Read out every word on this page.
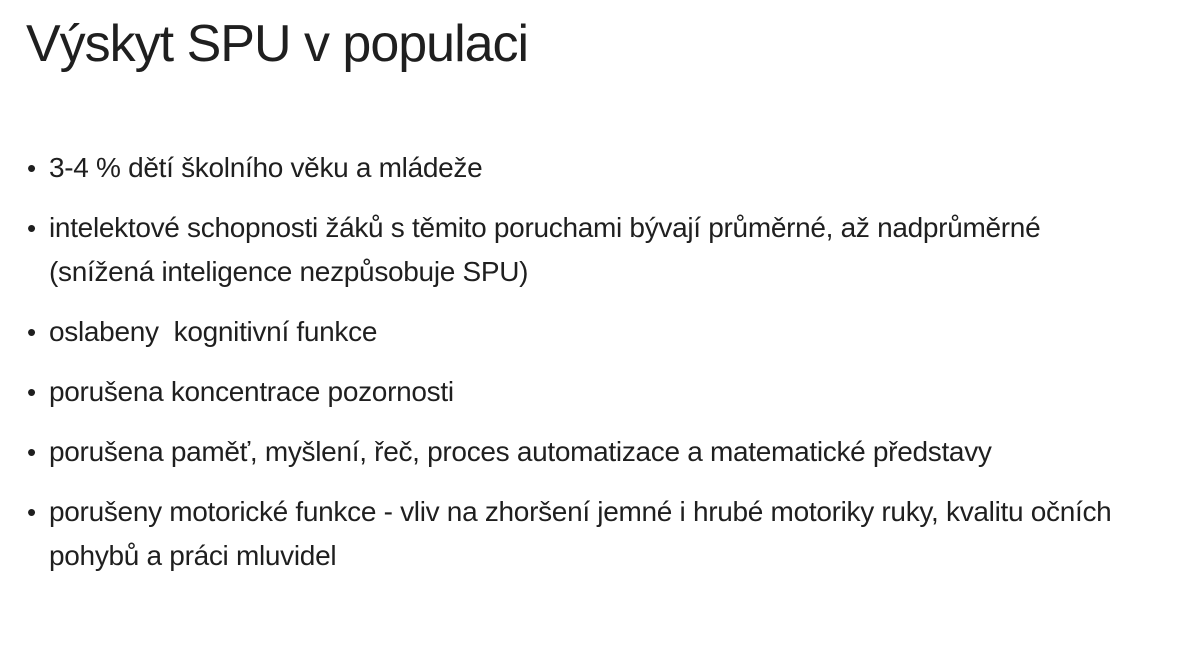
Výskyt SPU v populaci
• 3-4 % dětí školního věku a mládeže
• intelektové schopnosti žáků s těmito poruchami bývají průměrné, až nadprůměrné (snížená inteligence nezpůsobuje SPU)
• oslabeny  kognitivní funkce
• porušena koncentrace pozornosti
• porušena paměť, myšlení, řeč, proces automatizace a matematické představy
• porušeny motorické funkce - vliv na zhoršení jemné i hrubé motoriky ruky, kvalitu očních pohybů a práci mluvidel
